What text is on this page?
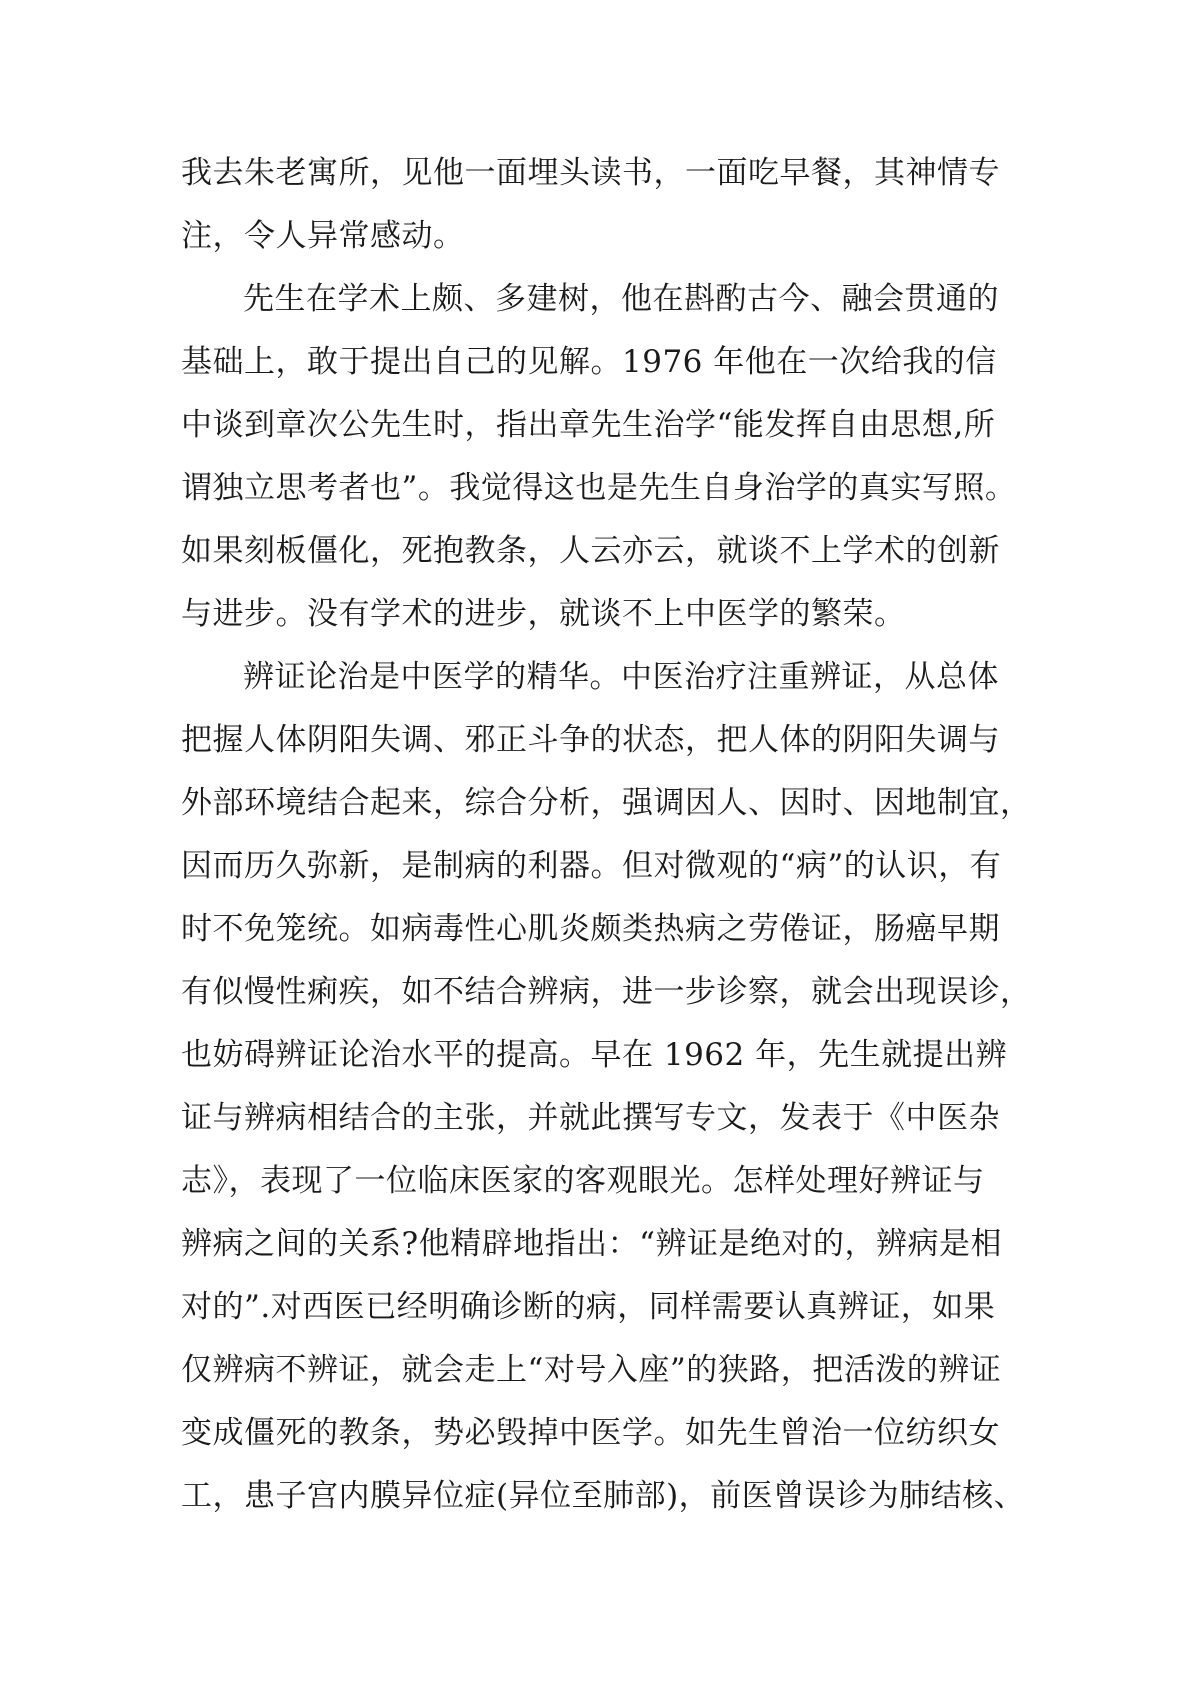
我去朱老寓所，见他一面埋头读书，一面吃早餐，其神情专
注，令人异常感动。
先生在学术上颇、多建树，他在斟酌古今、融会贯通的
基础上，敢于提出自己的见解。1976 年他在一次给我的信
中谈到章次公先生时，指出章先生治学“能发挥自由思想,所
谓独立思考者也”。我觉得这也是先生自身治学的真实写照。
如果刻板僵化，死抱教条，人云亦云，就谈不上学术的创新
与进步。没有学术的进步，就谈不上中医学的繁荣。
辨证论治是中医学的精华。中医治疗注重辨证，从总体
把握人体阴阳失调、邪正斗争的状态，把人体的阴阳失调与
外部环境结合起来，综合分析，强调因人、因时、因地制宜，
因而历久弥新，是制病的利器。但对微观的“病”的认识，有
时不免笼统。如病毒性心肌炎颇类热病之劳倦证，肠癌早期
有似慢性痢疾，如不结合辨病，进一步诊察，就会出现误诊，
也妨碍辨证论治水平的提高。早在 1962 年，先生就提出辨
证与辨病相结合的主张，并就此撰写专文，发表于《中医杂
志》，表现了一位临床医家的客观眼光。怎样处理好辨证与
辨病之间的关系?他精辟地指出：“辨证是绝对的，辨病是相
对的”.对西医已经明确诊断的病，同样需要认真辨证，如果
仅辨病不辨证，就会走上“对号入座”的狭路，把活泼的辨证
变成僵死的教条，势必毁掉中医学。如先生曾治一位纺织女
工，患子宫内膜异位症(异位至肺部)，前医曾误诊为肺结核、
